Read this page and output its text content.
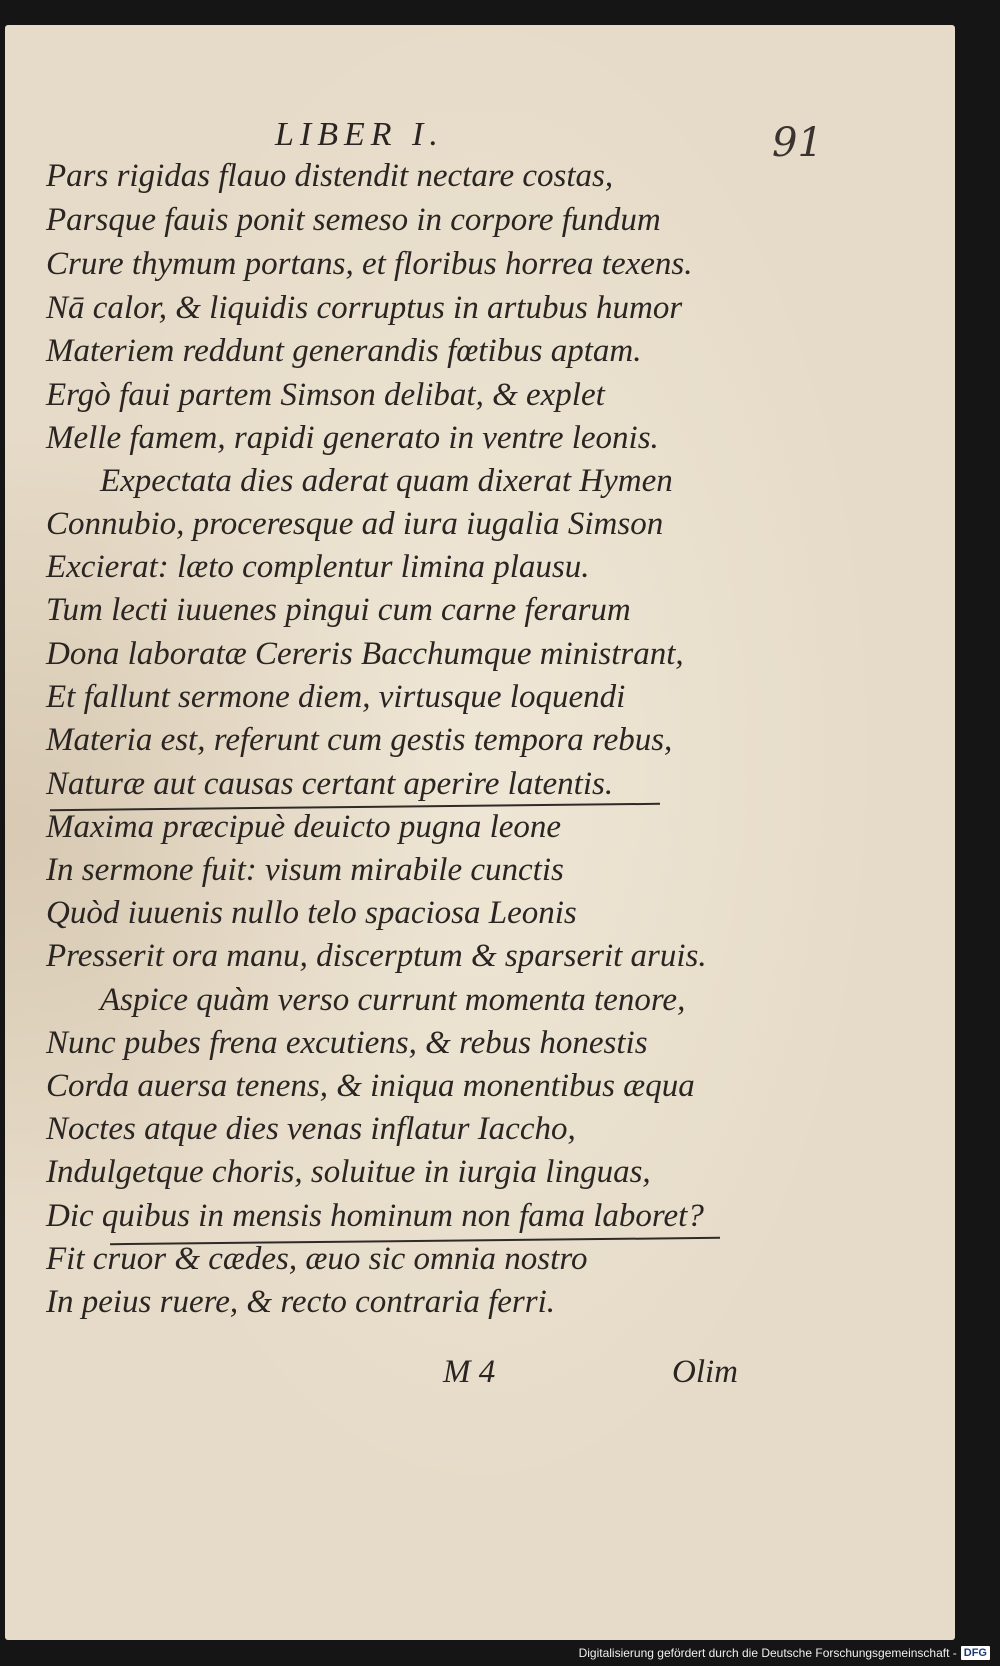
LIBER I.	91
Pars rigidas flauo distendit nectare costas,
Parsque fauis ponit semeso in corpore fundum
Crure thymum portans, et floribus horrea texens.
Nā calor, & liquidis corruptus in artubus humor
Materiem reddunt generandis fœtibus aptam.
Ergò faui partem Simson delibat, & explet
Melle famem, rapidi generato in ventre leonis.
Expectata dies aderat quam dixerat Hymen
Connubio, proceresque ad iura iugalia Simson
Excierat: læto complentur limina plausu.
Tum lecti iuuenes pingui cum carne ferarum
Dona laboratæ Cereris Bacchumque ministrant,
Et fallunt sermone diem, virtusque loquendi
Materia est, referunt cum gestis tempora rebus,
Naturæ aut causas certant aperire latentis.
Maxima præcipuè deuicto pugna leone
In sermone fuit: visum mirabile cunctis
Quòd iuuenis nullo telo spaciosa Leonis
Presserit ora manu, discerptum & sparserit aruis.
Aspice quàm verso currunt momenta tenore,
Nunc pubes frena excutiens, & rebus honestis
Corda auersa tenens, & iniqua monentibus æqua
Noctes atque dies venas inflatur Iaccho,
Indulgetque choris, soluitue in iurgia linguas,
Dic quibus in mensis hominum non fama laboret?
Fit cruor & cædes, æuo sic omnia nostro
In peius ruere, & recto contraria ferri.
M 4	Olim
Digitalisierung gefördert durch die Deutsche Forschungsgemeinschaft - DFG
